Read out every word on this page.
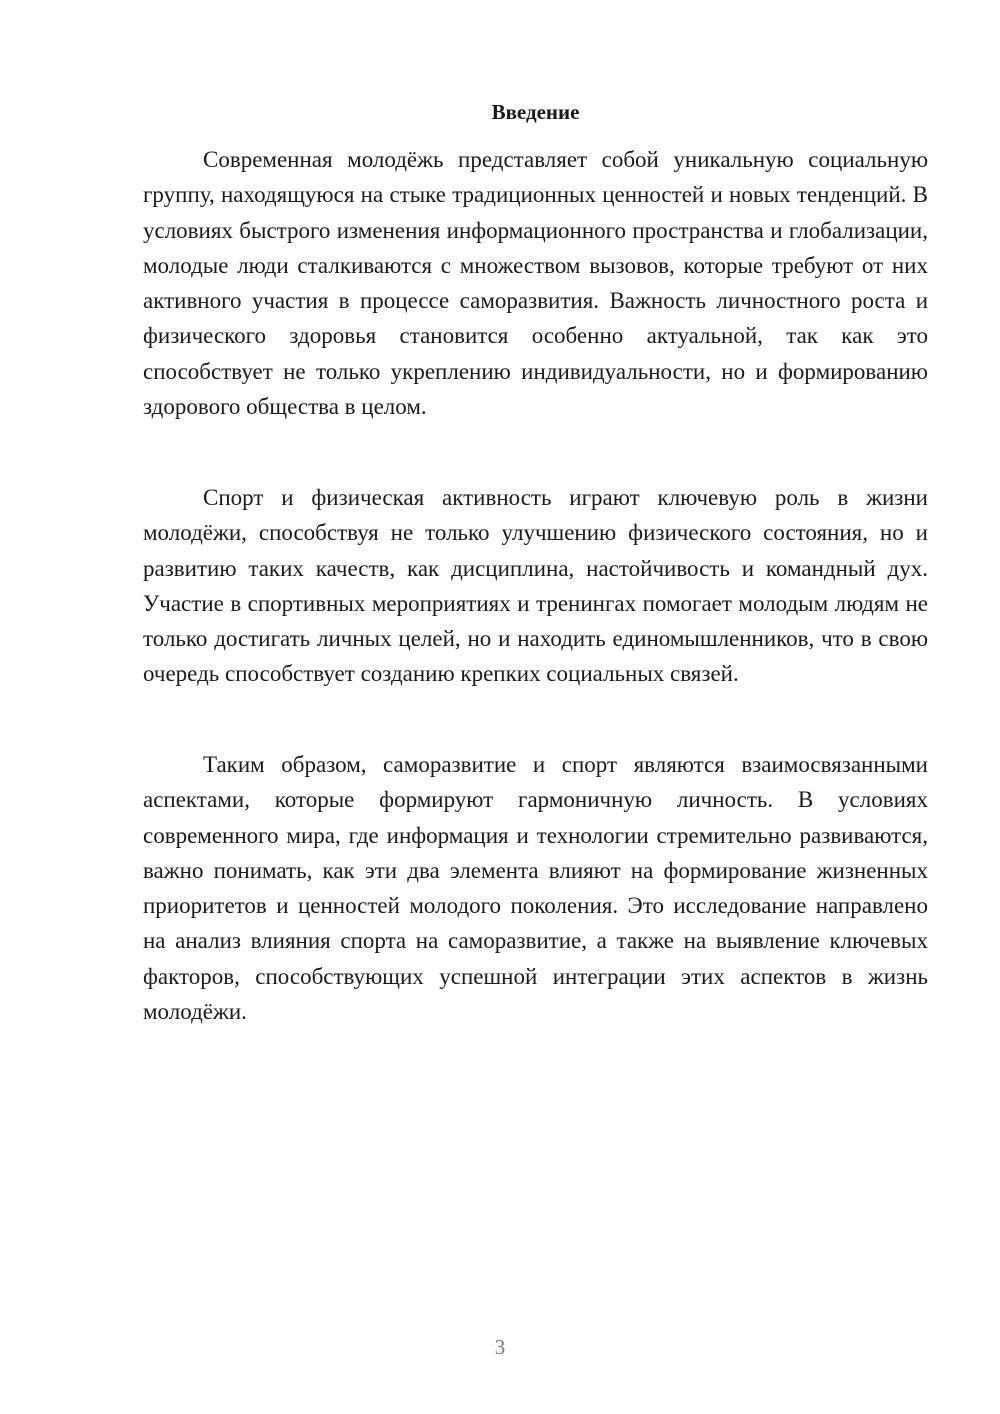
Введение

Современная молодёжь представляет собой уникальную социальную группу, находящуюся на стыке традиционных ценностей и новых тенденций. В условиях быстрого изменения информационного пространства и глобализации, молодые люди сталкиваются с множеством вызовов, которые требуют от них активного участия в процессе саморазвития. Важность личностного роста и физического здоровья становится особенно актуальной, так как это способствует не только укреплению индивидуальности, но и формированию здорового общества в целом.

Спорт и физическая активность играют ключевую роль в жизни молодёжи, способствуя не только улучшению физического состояния, но и развитию таких качеств, как дисциплина, настойчивость и командный дух. Участие в спортивных мероприятиях и тренингах помогает молодым людям не только достигать личных целей, но и находить единомышленников, что в свою очередь способствует созданию крепких социальных связей.

Таким образом, саморазвитие и спорт являются взаимосвязанными аспектами, которые формируют гармоничную личность. В условиях современного мира, где информация и технологии стремительно развиваются, важно понимать, как эти два элемента влияют на формирование жизненных приоритетов и ценностей молодого поколения. Это исследование направлено на анализ влияния спорта на саморазвитие, а также на выявление ключевых факторов, способствующих успешной интеграции этих аспектов в жизнь молодёжи.

3
